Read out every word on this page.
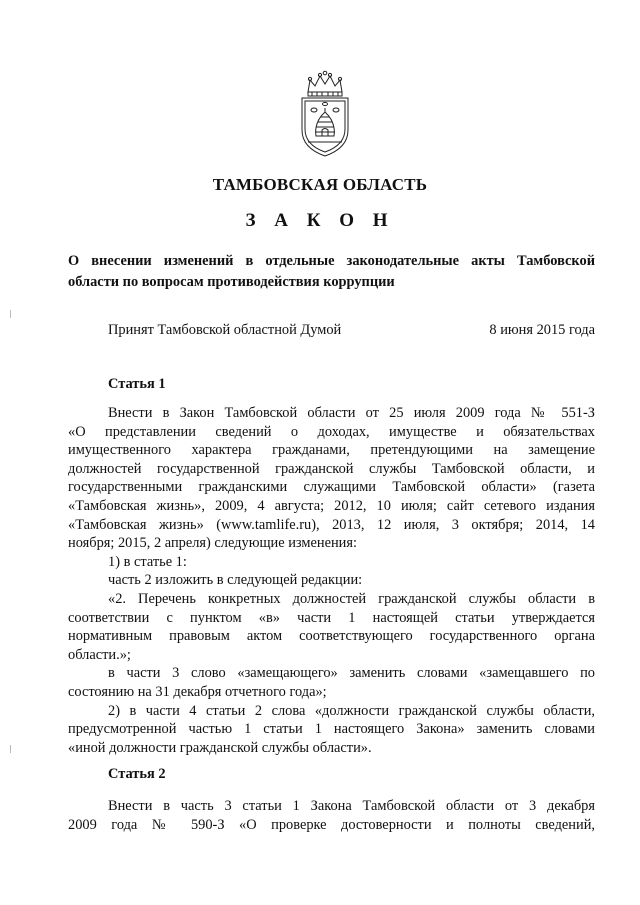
ТАМБОВСКАЯ ОБЛАСТЬ
З А К О Н
О внесении изменений в отдельные законодательные акты Тамбовской
области по вопросам противодействия коррупции
Принят Тамбовской областной Думой	8 июня 2015 года
Статья 1
Внести в Закон Тамбовской области от 25 июля 2009 года № 551-З
«О представлении сведений о доходах, имуществе и обязательствах
имущественного характера гражданами, претендующими на замещение
должностей государственной гражданской службы Тамбовской области, и
государственными гражданскими служащими Тамбовской области» (газета
«Тамбовская жизнь», 2009, 4 августа; 2012, 10 июля; сайт сетевого издания
«Тамбовская жизнь» (www.tamlife.ru), 2013, 12 июля, 3 октября; 2014, 14
ноября; 2015, 2 апреля) следующие изменения:
1) в статье 1:
часть 2 изложить в следующей редакции:
«2. Перечень конкретных должностей гражданской службы области в
соответствии с пунктом «в» части 1 настоящей статьи утверждается
нормативным правовым актом соответствующего государственного органа
области.»;
в части 3 слово «замещающего» заменить словами «замещавшего по
состоянию на 31 декабря отчетного года»;
2) в части 4 статьи 2 слова «должности гражданской службы области,
предусмотренной частью 1 статьи 1 настоящего Закона» заменить словами
«иной должности гражданской службы области».
Статья 2
Внести в часть 3 статьи 1 Закона Тамбовской области от 3 декабря
2009 года № 590-З «О проверке достоверности и полноты сведений,
